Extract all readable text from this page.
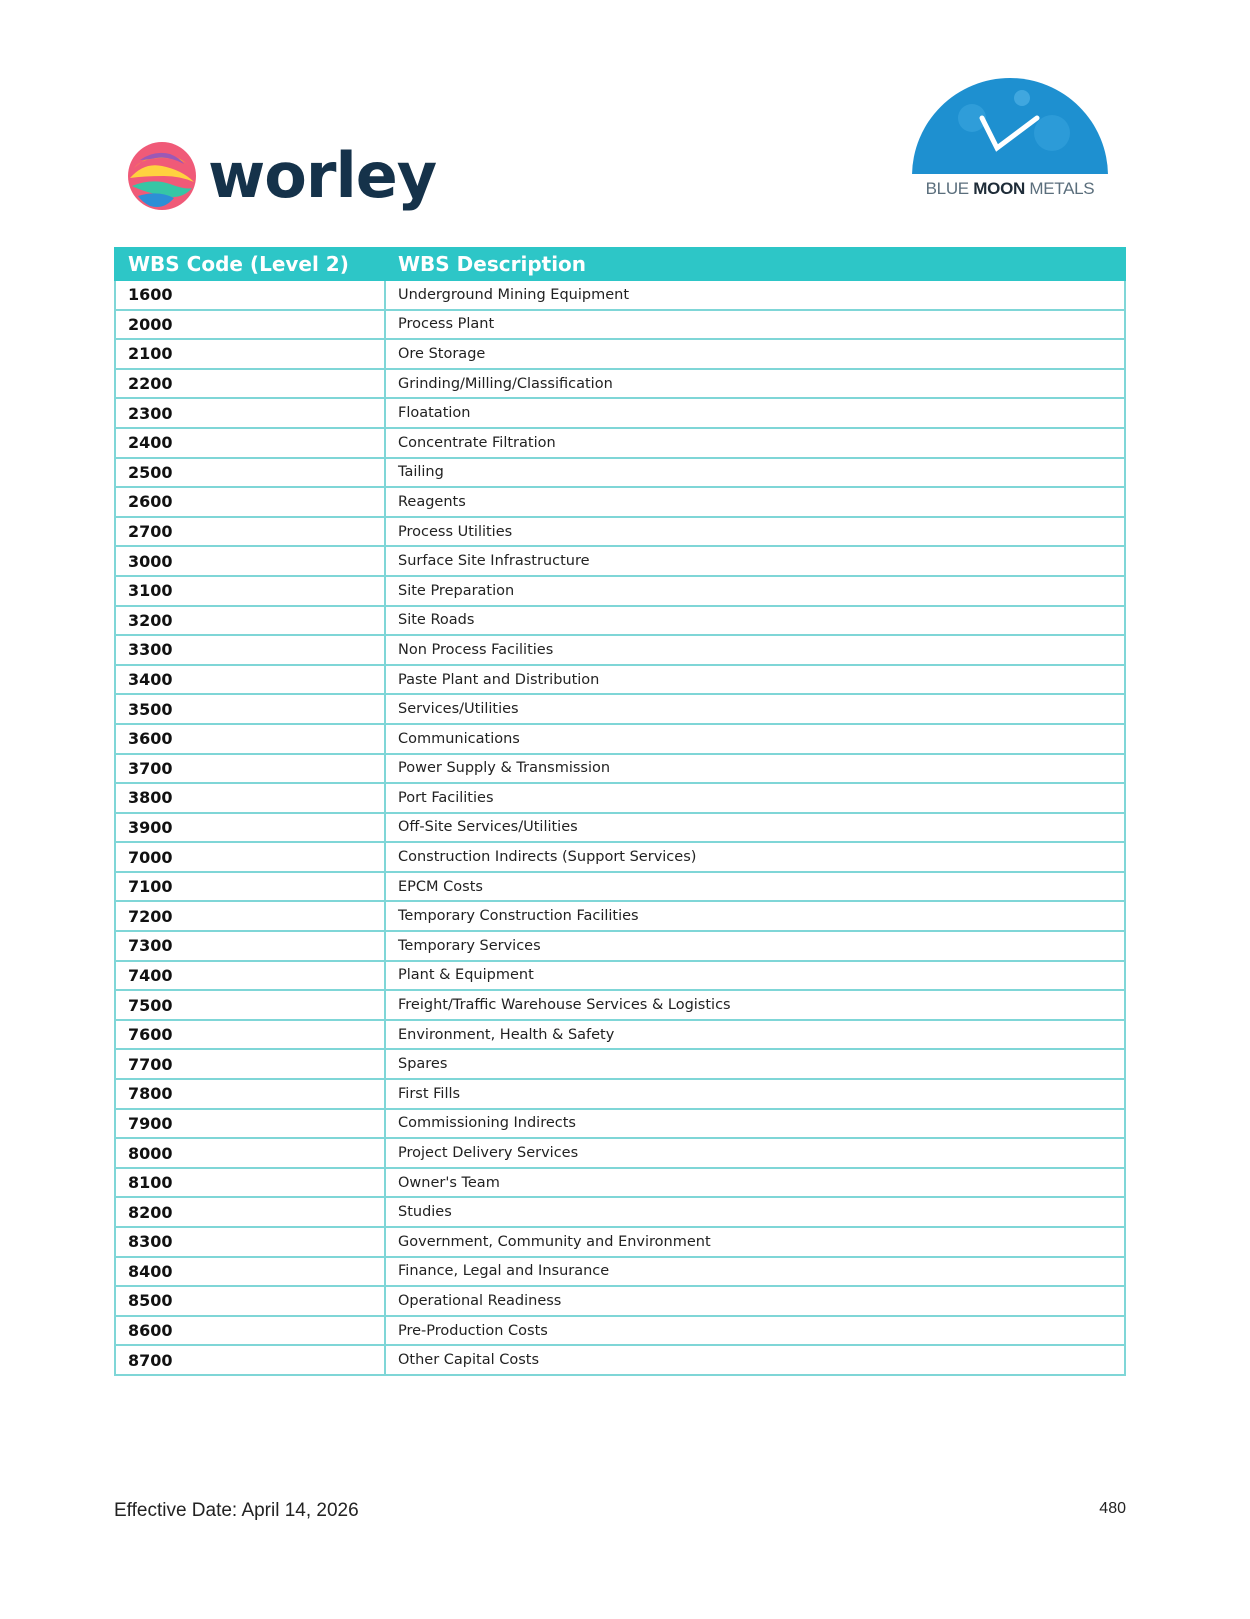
worley	BLUE MOON METALS
WBS Code (Level 2)	WBS Description
1600	Underground Mining Equipment
2000	Process Plant
2100	Ore Storage
2200	Grinding/Milling/Classification
2300	Floatation
2400	Concentrate Filtration
2500	Tailing
2600	Reagents
2700	Process Utilities
3000	Surface Site Infrastructure
3100	Site Preparation
3200	Site Roads
3300	Non Process Facilities
3400	Paste Plant and Distribution
3500	Services/Utilities
3600	Communications
3700	Power Supply & Transmission
3800	Port Facilities
3900	Off-Site Services/Utilities
7000	Construction Indirects (Support Services)
7100	EPCM Costs
7200	Temporary Construction Facilities
7300	Temporary Services
7400	Plant & Equipment
7500	Freight/Traffic Warehouse Services & Logistics
7600	Environment, Health & Safety
7700	Spares
7800	First Fills
7900	Commissioning Indirects
8000	Project Delivery Services
8100	Owner's Team
8200	Studies
8300	Government, Community and Environment
8400	Finance, Legal and Insurance
8500	Operational Readiness
8600	Pre-Production Costs
8700	Other Capital Costs
Effective Date: April 14, 2026	480
